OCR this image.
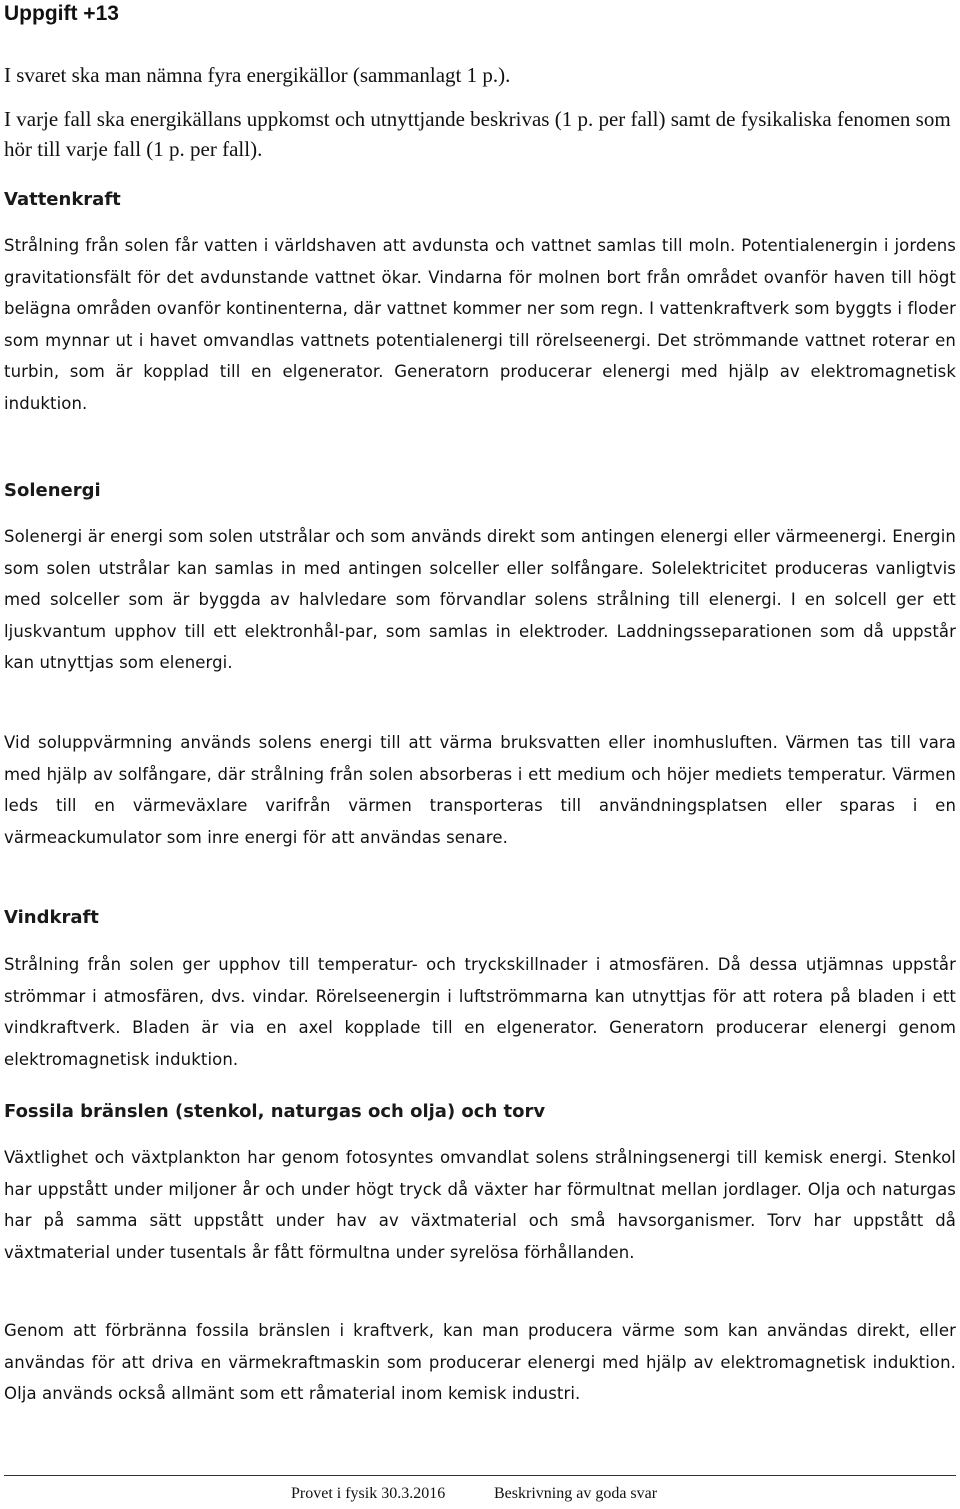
Uppgift +13

I svaret ska man nämna fyra energikällor (sammanlagt 1 p.).

I varje fall ska energikällans uppkomst och utnyttjande beskrivas (1 p. per fall) samt de fysikaliska fenomen som hör till varje fall (1 p. per fall).

Vattenkraft

Strålning från solen får vatten i världshaven att avdunsta och vattnet samlas till moln. Potentialenergin i jordens gravitationsfält för det avdunstande vattnet ökar. Vindarna för molnen bort från området ovanför haven till högt belägna områden ovanför kontinenterna, där vattnet kommer ner som regn. I vattenkraftverk som byggts i floder som mynnar ut i havet omvandlas vattnets potentialenergi till rörelseenergi. Det strömmande vattnet roterar en turbin, som är kopplad till en elgenerator. Generatorn producerar elenergi med hjälp av elektromagnetisk induktion.

Solenergi

Solenergi är energi som solen utstrålar och som används direkt som antingen elenergi eller värmeenergi. Energin som solen utstrålar kan samlas in med antingen solceller eller solfångare. Solelektricitet produceras vanligtvis med solceller som är byggda av halvledare som förvandlar solens strålning till elenergi. I en solcell ger ett ljuskvantum upphov till ett elektronhål-par, som samlas in elektroder. Laddningsseparationen som då uppstår kan utnyttjas som elenergi.

Vid soluppvärmning används solens energi till att värma bruksvatten eller inomhusluften. Värmen tas till vara med hjälp av solfångare, där strålning från solen absorberas i ett medium och höjer mediets temperatur. Värmen leds till en värmeväxlare varifrån värmen transporteras till användningsplatsen eller sparas i en värmeackumulator som inre energi för att användas senare.

Vindkraft

Strålning från solen ger upphov till temperatur- och tryckskillnader i atmosfären. Då dessa utjämnas uppstår strömmar i atmosfären, dvs. vindar. Rörelseenergin i luftströmmarna kan utnyttjas för att rotera på bladen i ett vindkraftverk. Bladen är via en axel kopplade till en elgenerator. Generatorn producerar elenergi genom elektromagnetisk induktion.

Fossila bränslen (stenkol, naturgas och olja) och torv

Växtlighet och växtplankton har genom fotosyntes omvandlat solens strålningsenergi till kemisk energi. Stenkol har uppstått under miljoner år och under högt tryck då växter har förmultnat mellan jordlager. Olja och naturgas har på samma sätt uppstått under hav av växtmaterial och små havsorganismer. Torv har uppstått då växtmaterial under tusentals år fått förmultna under syrelösa förhållanden.

Genom att förbränna fossila bränslen i kraftverk, kan man producera värme som kan användas direkt, eller användas för att driva en värmekraftmaskin som producerar elenergi med hjälp av elektromagnetisk induktion. Olja används också allmänt som ett råmaterial inom kemisk industri.

Provet i fysik 30.3.2016	Beskrivning av goda svar
